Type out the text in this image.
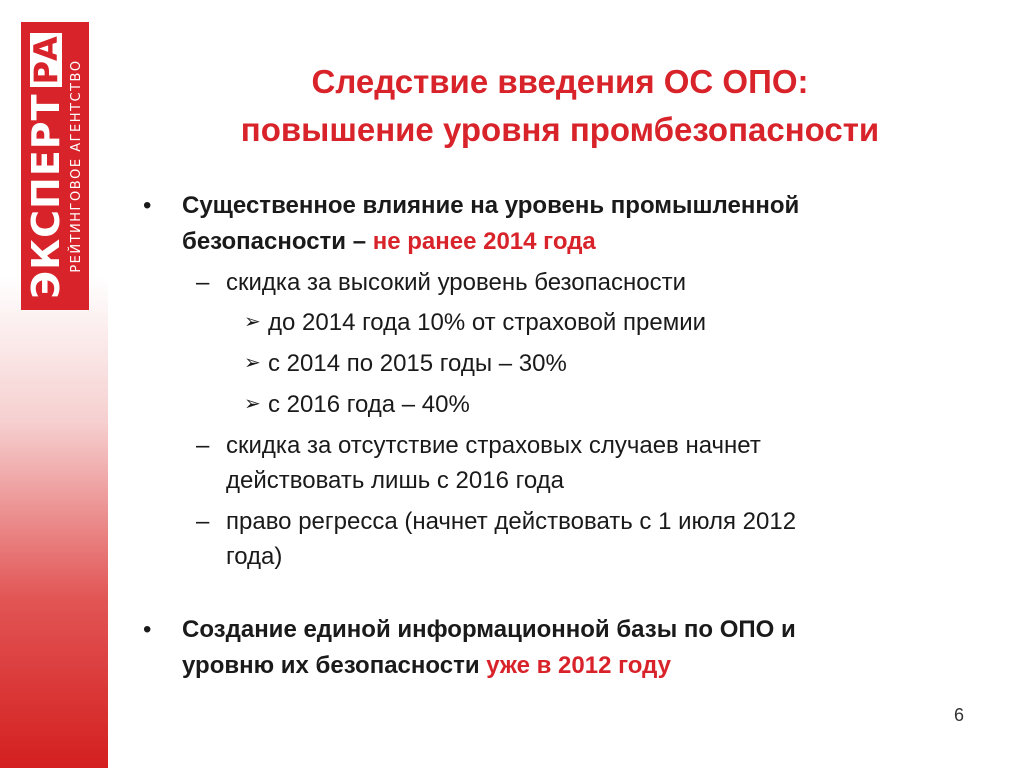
ЭКСПЕРТ
РА РЕЙТИНГОВОЕ АГЕНТСТВО	Следствие введения ОС ОПО:
повышение уровня промбезопасности
• Существенное влияние на уровень промышленной
безопасности – не ранее 2014 года
– скидка за высокий уровень безопасности
➢ до 2014 года 10% от страховой премии
➢ с 2014 по 2015 годы – 30%
➢ с 2016 года – 40%
– скидка за отсутствие страховых случаев начнет
действовать лишь с 2016 года
– право регресса (начнет действовать с 1 июля 2012
года)
• Создание единой информационной базы по ОПО и
уровню их безопасности уже в 2012 году
6
